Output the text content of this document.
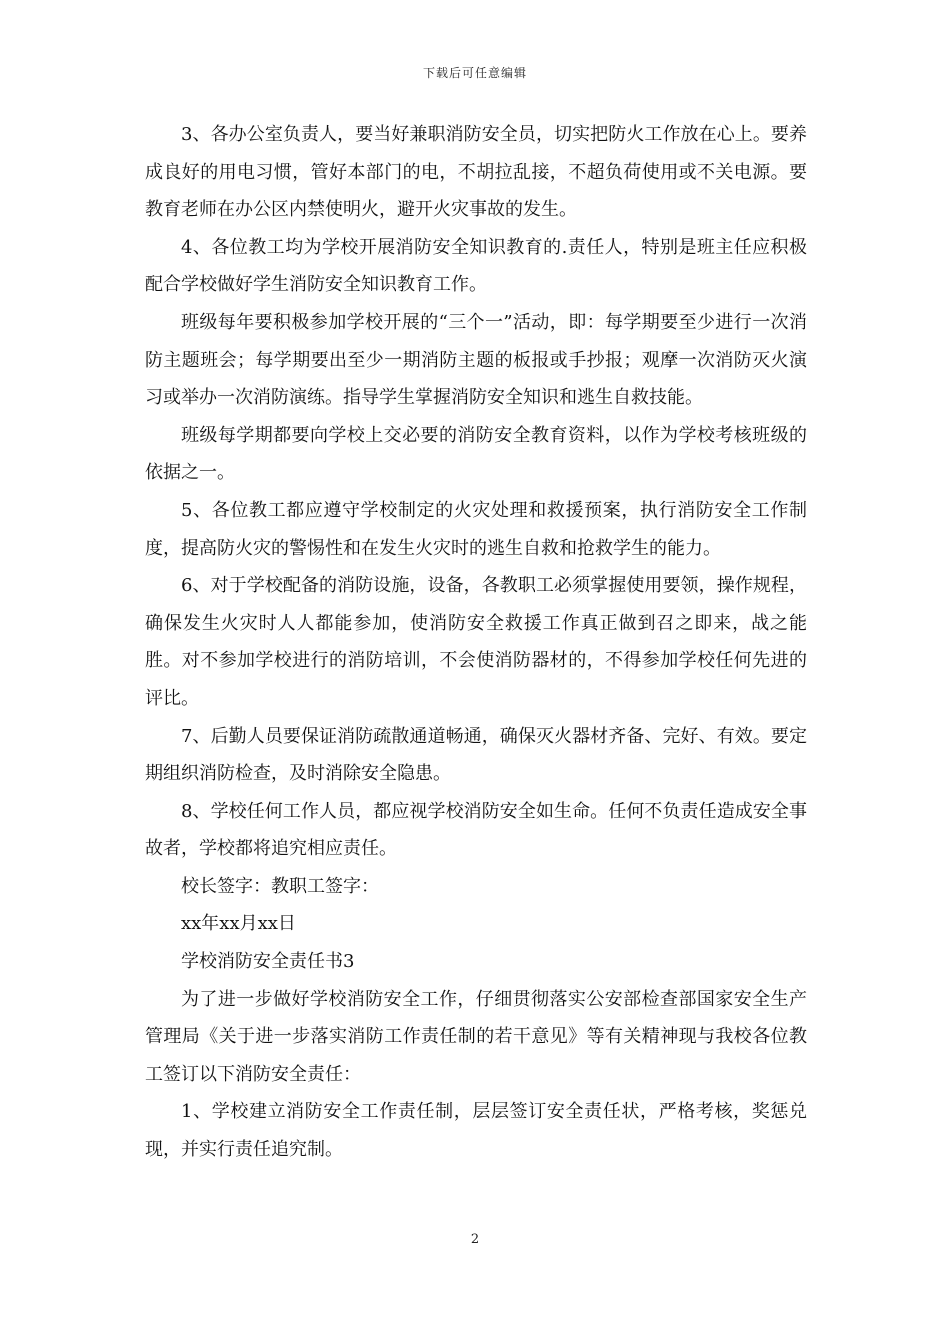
下载后可任意编辑

3、各办公室负责人，要当好兼职消防安全员，切实把防火工作放在心上。要养成良好的用电习惯，管好本部门的电，不胡拉乱接，不超负荷使用或不关电源。要教育老师在办公区内禁使明火，避开火灾事故的发生。

4、各位教工均为学校开展消防安全知识教育的.责任人，特别是班主任应积极配合学校做好学生消防安全知识教育工作。

班级每年要积极参加学校开展的“三个一”活动，即：每学期要至少进行一次消防主题班会；每学期要出至少一期消防主题的板报或手抄报；观摩一次消防灭火演习或举办一次消防演练。指导学生掌握消防安全知识和逃生自救技能。

班级每学期都要向学校上交必要的消防安全教育资料，以作为学校考核班级的依据之一。

5、各位教工都应遵守学校制定的火灾处理和救援预案，执行消防安全工作制度，提高防火灾的警惕性和在发生火灾时的逃生自救和抢救学生的能力。

6、对于学校配备的消防设施，设备，各教职工必须掌握使用要领，操作规程，确保发生火灾时人人都能参加，使消防安全救援工作真正做到召之即来，战之能胜。对不参加学校进行的消防培训，不会使消防器材的，不得参加学校任何先进的评比。

7、后勤人员要保证消防疏散通道畅通，确保灭火器材齐备、完好、有效。要定期组织消防检查，及时消除安全隐患。

8、学校任何工作人员，都应视学校消防安全如生命。任何不负责任造成安全事故者，学校都将追究相应责任。

校长签字：教职工签字：

xx年xx月xx日

学校消防安全责任书3

为了进一步做好学校消防安全工作，仔细贯彻落实公安部检查部国家安全生产管理局《关于进一步落实消防工作责任制的若干意见》等有关精神现与我校各位教工签订以下消防安全责任：

1、学校建立消防安全工作责任制，层层签订安全责任状，严格考核，奖惩兑现，并实行责任追究制。

2
